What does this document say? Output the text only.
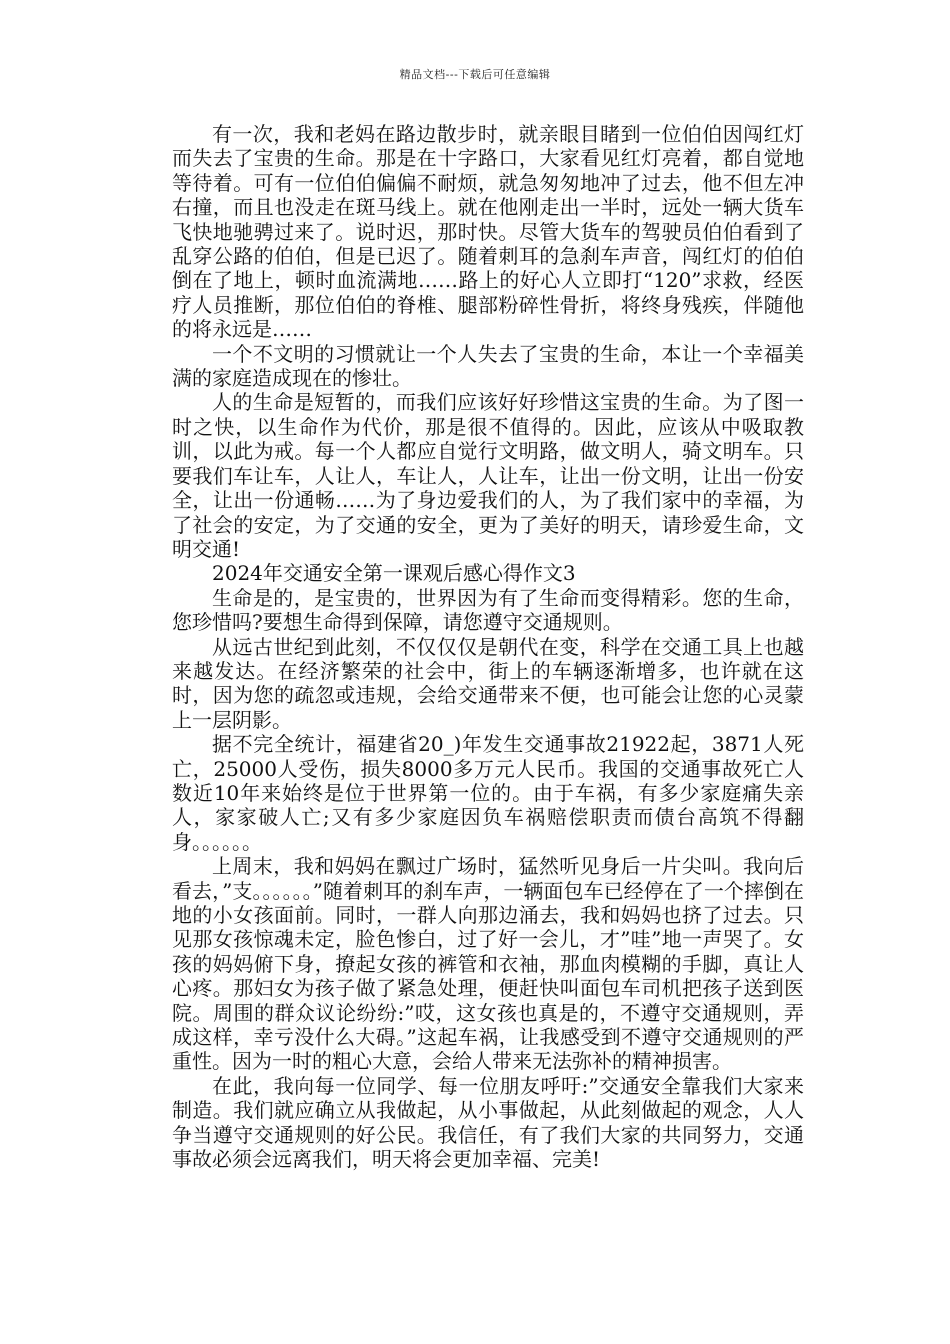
精品文档---下载后可任意编辑

有一次，我和老妈在路边散步时，就亲眼目睹到一位伯伯因闯红灯而失去了宝贵的生命。那是在十字路口，大家看见红灯亮着，都自觉地等待着。可有一位伯伯偏偏不耐烦，就急匆匆地冲了过去，他不但左冲右撞，而且也没走在斑马线上。就在他刚走出一半时，远处一辆大货车飞快地驰骋过来了。说时迟，那时快。尽管大货车的驾驶员伯伯看到了乱穿公路的伯伯，但是已迟了。随着刺耳的急刹车声音，闯红灯的伯伯倒在了地上，顿时血流满地……路上的好心人立即打“120”求救，经医疗人员推断，那位伯伯的脊椎、腿部粉碎性骨折，将终身残疾，伴随他的将永远是……

一个不文明的习惯就让一个人失去了宝贵的生命，本让一个幸福美满的家庭造成现在的惨壮。

人的生命是短暂的，而我们应该好好珍惜这宝贵的生命。为了图一时之快，以生命作为代价，那是很不值得的。因此，应该从中吸取教训，以此为戒。每一个人都应自觉行文明路，做文明人，骑文明车。只要我们车让车，人让人，车让人，人让车，让出一份文明，让出一份安全，让出一份通畅……为了身边爱我们的人，为了我们家中的幸福，为了社会的安定，为了交通的安全，更为了美好的明天，请珍爱生命，文明交通!

2024年交通安全第一课观后感心得作文3

生命是的，是宝贵的，世界因为有了生命而变得精彩。您的生命，您珍惜吗?要想生命得到保障，请您遵守交通规则。

从远古世纪到此刻，不仅仅仅是朝代在变，科学在交通工具上也越来越发达。在经济繁荣的社会中，街上的车辆逐渐增多，也许就在这时，因为您的疏忽或违规，会给交通带来不便，也可能会让您的心灵蒙上一层阴影。

据不完全统计，福建省20_)年发生交通事故21922起，3871人死亡，25000人受伤，损失8000多万元人民币。我国的交通事故死亡人数近10年来始终是位于世界第一位的。由于车祸，有多少家庭痛失亲人，家家破人亡;又有多少家庭因负车祸赔偿职责而债台高筑不得翻身。。。。。。

上周末，我和妈妈在飘过广场时，猛然听见身后一片尖叫。我向后看去，”支。。。。。。”随着刺耳的刹车声，一辆面包车已经停在了一个摔倒在地的小女孩面前。同时，一群人向那边涌去，我和妈妈也挤了过去。只见那女孩惊魂未定，脸色惨白，过了好一会儿，才”哇”地一声哭了。女孩的妈妈俯下身，撩起女孩的裤管和衣袖，那血肉模糊的手脚，真让人心疼。那妇女为孩子做了紧急处理，便赶快叫面包车司机把孩子送到医院。周围的群众议论纷纷:”哎，这女孩也真是的，不遵守交通规则，弄成这样，幸亏没什么大碍。”这起车祸，让我感受到不遵守交通规则的严重性。因为一时的粗心大意，会给人带来无法弥补的精神损害。

在此，我向每一位同学、每一位朋友呼吁:”交通安全靠我们大家来制造。我们就应确立从我做起，从小事做起，从此刻做起的观念，人人争当遵守交通规则的好公民。我信任，有了我们大家的共同努力，交通事故必须会远离我们，明天将会更加幸福、完美!
